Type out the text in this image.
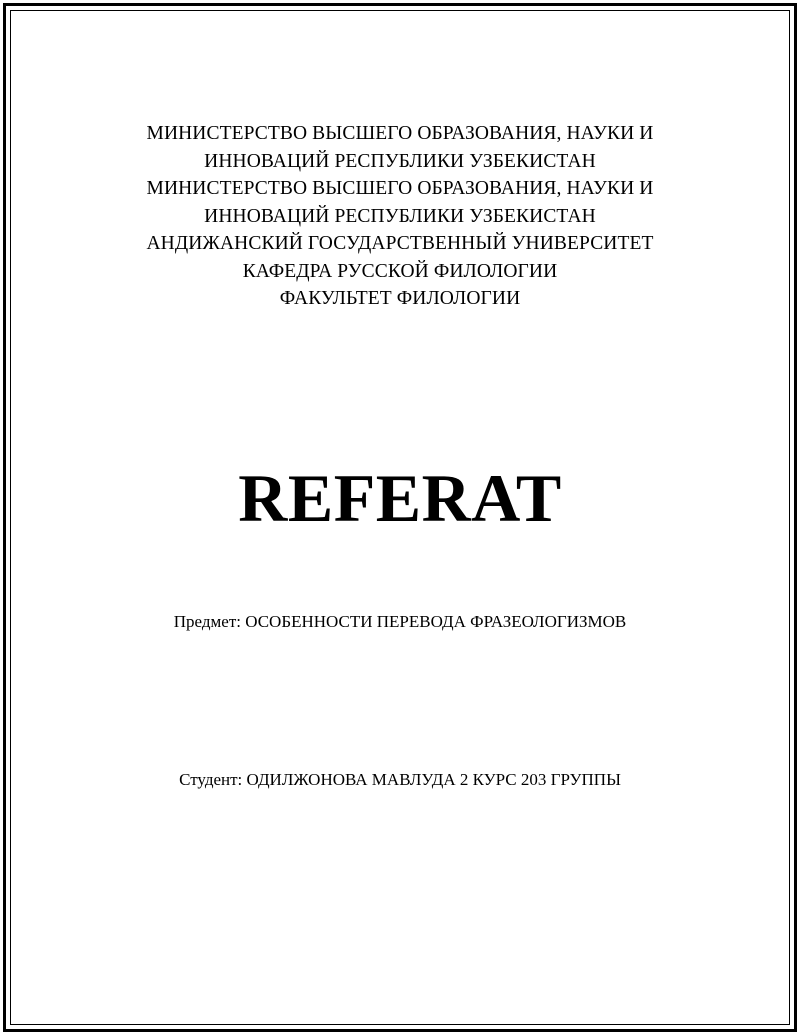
МИНИСТЕРСТВО ВЫСШЕГО ОБРАЗОВАНИЯ, НАУКИ И
ИННОВАЦИЙ РЕСПУБЛИКИ УЗБЕКИСТАН
МИНИСТЕРСТВО ВЫСШЕГО ОБРАЗОВАНИЯ, НАУКИ И
ИННОВАЦИЙ РЕСПУБЛИКИ УЗБЕКИСТАН
АНДИЖАНСКИЙ ГОСУДАРСТВЕННЫЙ УНИВЕРСИТЕТ
КАФЕДРА РУССКОЙ ФИЛОЛОГИИ
ФАКУЛЬТЕТ ФИЛОЛОГИИ
REFERAT
Предмет: ОСОБЕННОСТИ ПЕРЕВОДА ФРАЗЕОЛОГИЗМОВ
Студент: ОДИЛЖОНОВА МАВЛУДА 2 КУРС 203 ГРУППЫ
